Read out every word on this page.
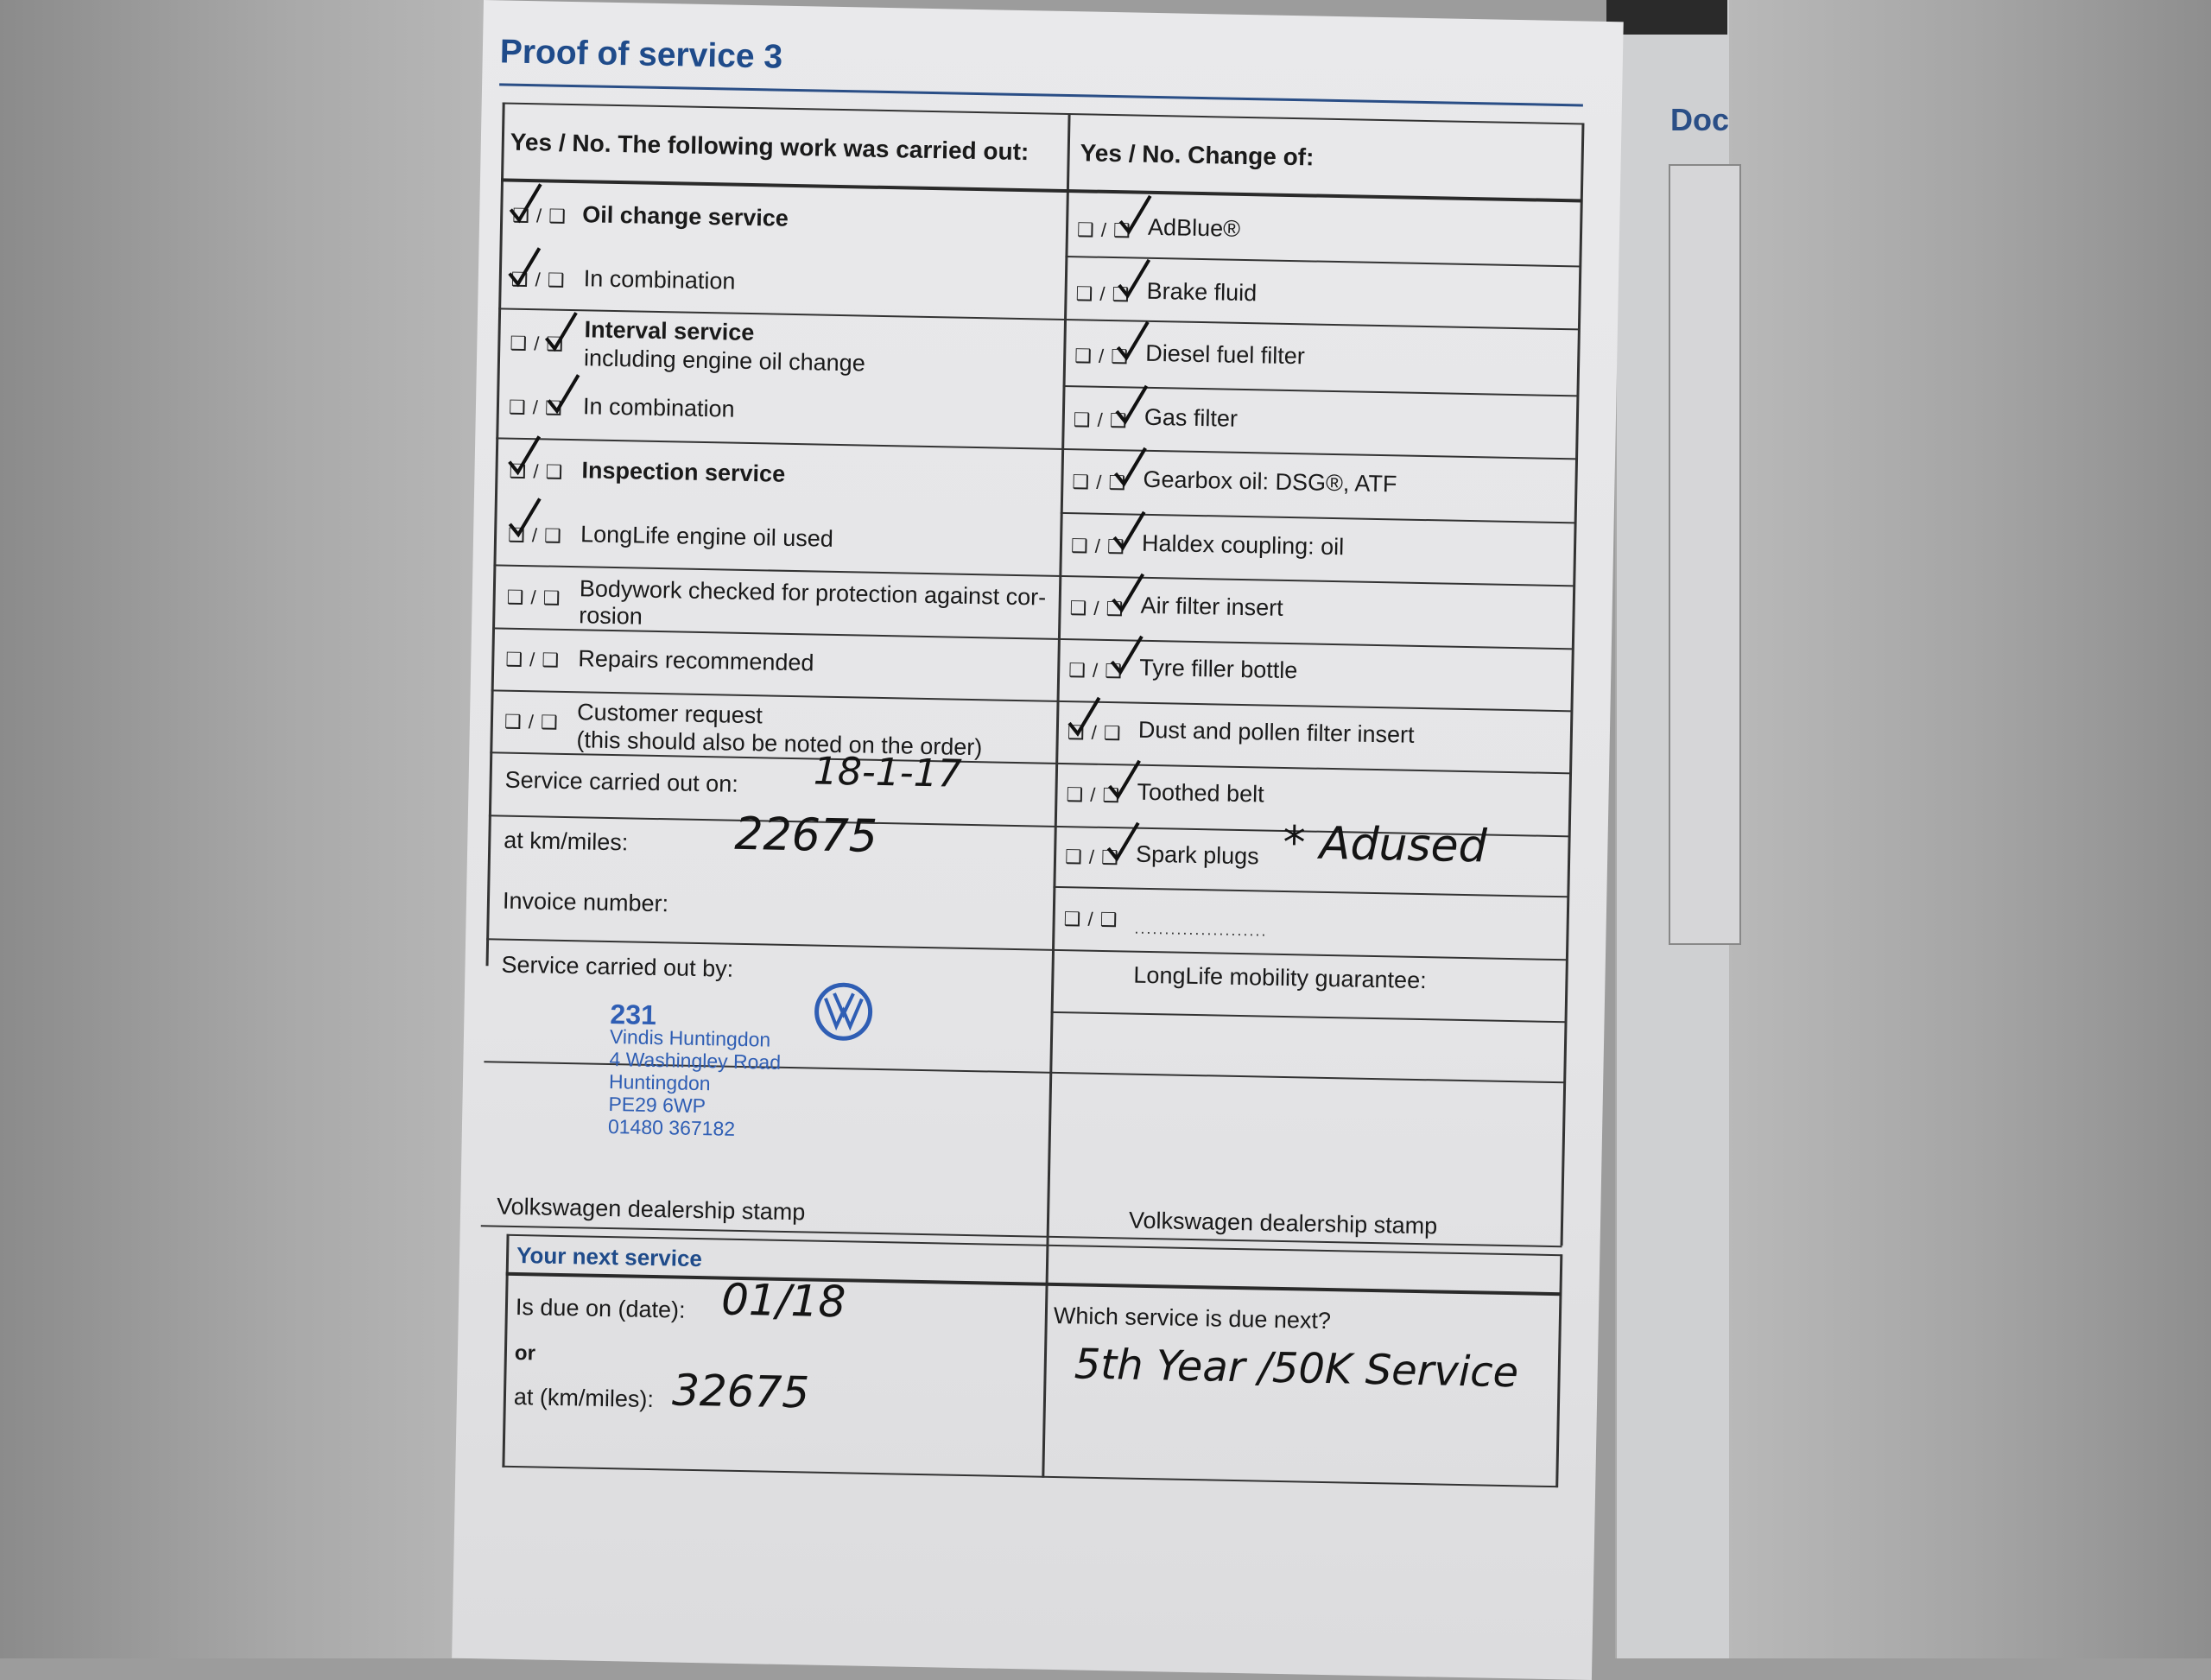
Doc
Proof of service 3
Yes / No. The following work was carried out: Yes / No. Change of:
❑ / ❑ Oil change service
❑ / ❑ In combination
❑ / ❑ Interval service
including engine oil change
❑ / ❑ In combination
❑ / ❑ Inspection service
❑ / ❑ LongLife engine oil used
❑ / ❑ Bodywork checked for protection against cor-
rosion
❑ / ❑ Repairs recommended
❑ / ❑ Customer request
(this should also be noted on the order)
Service carried out on: 18-1-17
at km/miles: 22675
Invoice number:
Service carried out by:
231
Vindis Huntingdon
4 Washingley Road
Huntingdon
PE29 6WP
01480 367182
Volkswagen dealership stamp
❑ / ❑ AdBlue®
❑ / ❑ Brake fluid
❑ / ❑ Diesel fuel filter
❑ / ❑ Gas filter
❑ / ❑ Gearbox oil: DSG®, ATF
❑ / ❑ Haldex coupling: oil
❑ / ❑ Air filter insert
❑ / ❑ Tyre filler bottle
❑ / ❑ Dust and pollen filter insert
❑ / ❑ Toothed belt
❑ / ❑ Spark plugs * Adused
❑ / ❑ ......................
LongLife mobility guarantee:
Volkswagen dealership stamp
Your next service
Is due on (date): 01/18
or
at (km/miles): 32675
Which service is due next?
5th Year /50K Service
